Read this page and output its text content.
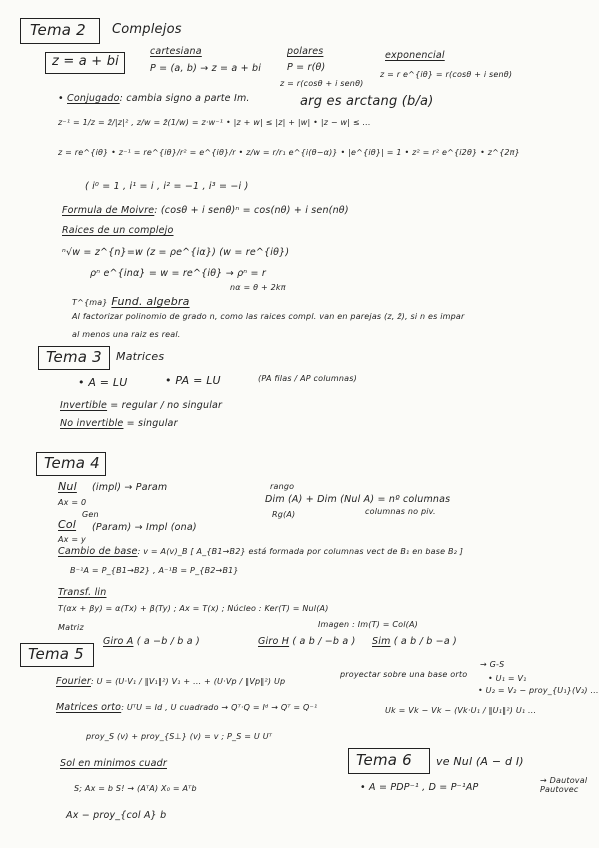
Tema 2 Complejos
z = a + bi
cartesiana
P = (a, b) → z = a + bi
polares
P = r(θ)
z = r(cosθ + i senθ)
exponencial
z = r e^{iθ} = r(cosθ + i senθ)
arg es arctang (b/a)
• Conjugado: cambia signo a parte Im.
z⁻¹ = 1/z = z̄/|z|² , z/w = z̄(1/w) = z·w⁻¹ • |z + w| ≤ |z| + |w| • |z − w| ≤ ...
z = re^{iθ} • z⁻¹ = re^{iθ}/r² = e^{iθ}/r • z/w = r/r₁ e^{i(θ−α)} • |e^{iθ}| = 1 • z² = r² e^{i2θ} • z^{2π}
( i⁰ = 1 , i¹ = i , i² = −1 , i³ = −i )
Formula de Moivre: (cosθ + i senθ)ⁿ = cos(nθ) + i sen(nθ)
Raices de un complejo
ⁿ√w = z^{n}=w (z = ρe^{iα}) (w = re^{iθ})
ρⁿ e^{inα} = w = re^{iθ} → ρⁿ = r
nα = θ + 2kπ
T^{ma} Fund. algebra
Al factorizar polinomio de grado n, como las raices compl. van en parejas (z, z̄), si n es impar
al menos una raiz es real.
Tema 3 Matrices
• A = LU	• PA = LU	(PA filas / AP columnas)
Invertible = regular / no singular
No invertible = singular
Tema 4
Nul
Ax = 0
(impl) → Param	rango
Dim (A) + Dim (Nul A) = nº columnas
Rg(A)	columnas no piv.
Col
Gen
Ax = y
(Param) → Impl (ona)
Cambio de base: v = A(v)_B [ A_{B1→B2} está formada por columnas vect de B₁ en base B₂ ]
B⁻¹A = P_{B1→B2} , A⁻¹B = P_{B2→B1}
Transf. lin
T(αx + βy) = α(Tx) + β(Ty) ; Ax = T(x) ; Núcleo : Ker(T) = Nul(A)
Imagen : Im(T) = Col(A)
Matriz
Giro A ( a −b / b a )	Giro H ( a b / −b a ) Sim ( a b / b −a )
Tema 5
Fourier: U = (U·V₁ / ‖V₁‖²) V₁ + ... + (U·Vp / ‖Vp‖²) Up
proyectar sobre una base orto
→ G-S
• U₁ = V₁
• U₂ = V₂ − proy_{U₁}(V₂) ...
Uk = Vk − Vk − (Vk·U₁ / ‖U₁‖²) U₁ ...
Matrices orto: UᵀU = Id , U cuadrado → Qᵀ·Q = Iᵈ → Qᵀ = Q⁻¹
proy_S (v) + proy_{S⊥} (v) = v ; P_S = U Uᵀ
Sol en minimos cuadr
S; Ax = b S! → (AᵀA) X₀ = Aᵀb
Ax − proy_{col A} b
Tema 6 ve Nul (A − d I)
• A = PDP⁻¹ , D = P⁻¹AP
→ Dautoval Pautovec
